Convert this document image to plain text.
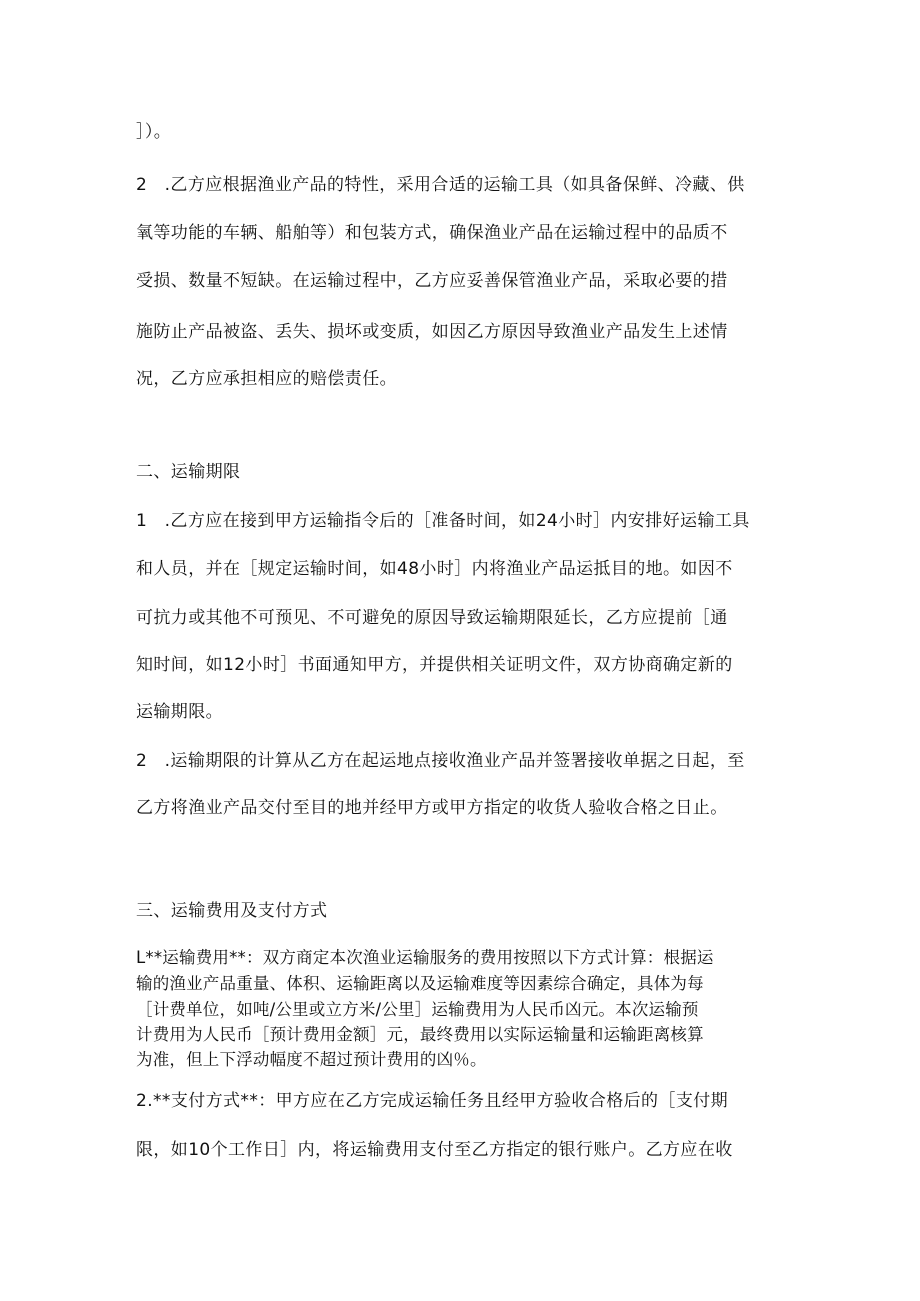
］）。
2　.乙方应根据渔业产品的特性，采用合适的运输工具（如具备保鲜、冷藏、供
氧等功能的车辆、船舶等）和包装方式，确保渔业产品在运输过程中的品质不
受损、数量不短缺。在运输过程中，乙方应妥善保管渔业产品，采取必要的措
施防止产品被盗、丢失、损坏或变质，如因乙方原因导致渔业产品发生上述情
况，乙方应承担相应的赔偿责任。
二、运输期限
1　.乙方应在接到甲方运输指令后的［准备时间，如24小时］内安排好运输工具
和人员，并在［规定运输时间，如48小时］内将渔业产品运抵目的地。如因不
可抗力或其他不可预见、不可避免的原因导致运输期限延长，乙方应提前［通
知时间，如12小时］书面通知甲方，并提供相关证明文件，双方协商确定新的
运输期限。
2　.运输期限的计算从乙方在起运地点接收渔业产品并签署接收单据之日起，至
乙方将渔业产品交付至目的地并经甲方或甲方指定的收货人验收合格之日止。
三、运输费用及支付方式
L**运输费用**：双方商定本次渔业运输服务的费用按照以下方式计算：根据运
输的渔业产品重量、体积、运输距离以及运输难度等因素综合确定，具体为每
［计费单位，如吨/公里或立方米/公里］运输费用为人民币凶元。本次运输预
计费用为人民币［预计费用金额］元，最终费用以实际运输量和运输距离核算
为准，但上下浮动幅度不超过预计费用的凶％。
2.**支付方式**：甲方应在乙方完成运输任务且经甲方验收合格后的［支付期
限，如10个工作日］内，将运输费用支付至乙方指定的银行账户。乙方应在收
